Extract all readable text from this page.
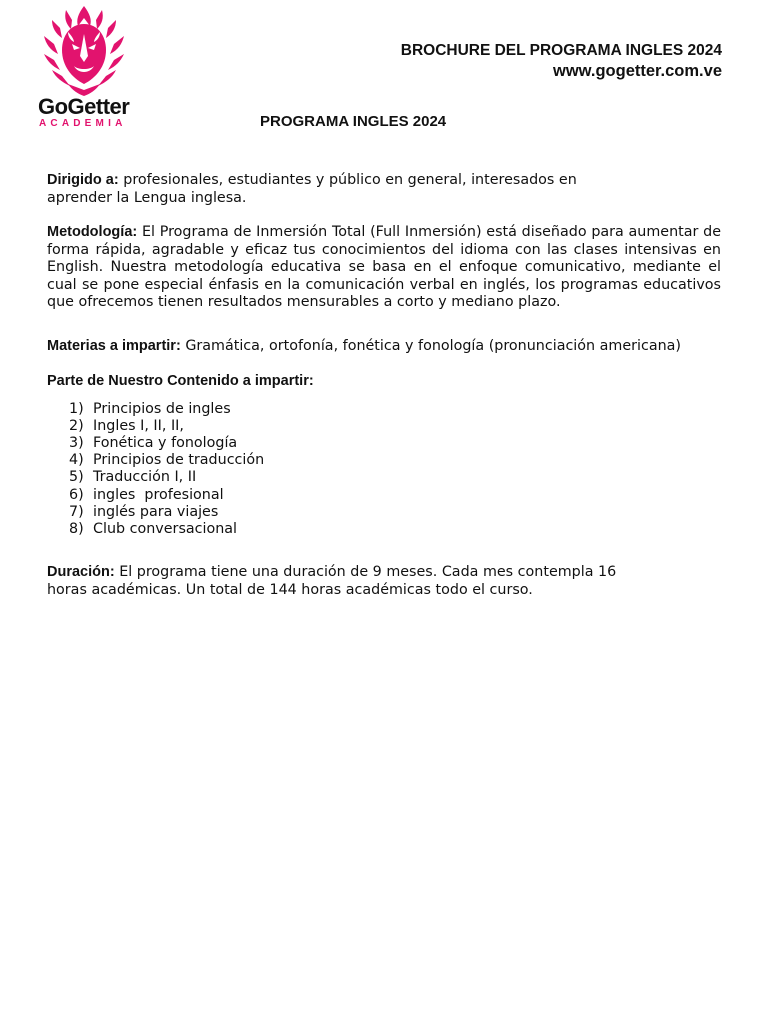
GoGetter
ACADEMIA
BROCHURE DEL PROGRAMA INGLES 2024
www.gogetter.com.ve
PROGRAMA INGLES 2024

Dirigido a: profesionales, estudiantes y público en general, interesados en
aprender la Lengua inglesa.

Metodología: El Programa de Inmersión Total (Full Inmersión) está diseñado para aumentar de forma rápida, agradable y eficaz tus conocimientos del idioma con las clases intensivas en English. Nuestra metodología educativa se basa en el enfoque comunicativo, mediante el cual se pone especial énfasis en la comunicación verbal en inglés, los programas educativos que ofrecemos tienen resultados mensurables a corto y mediano plazo.

Materias a impartir: Gramática, ortofonía, fonética y fonología (pronunciación americana)

Parte de Nuestro Contenido a impartir:

1) Principios de ingles
2) Ingles I, II, II,
3) Fonética y fonología
4) Principios de traducción
5) Traducción I, II
6) ingles  profesional
7) inglés para viajes
8) Club conversacional

Duración: El programa tiene una duración de 9 meses. Cada mes contempla 16
horas académicas. Un total de 144 horas académicas todo el curso.
